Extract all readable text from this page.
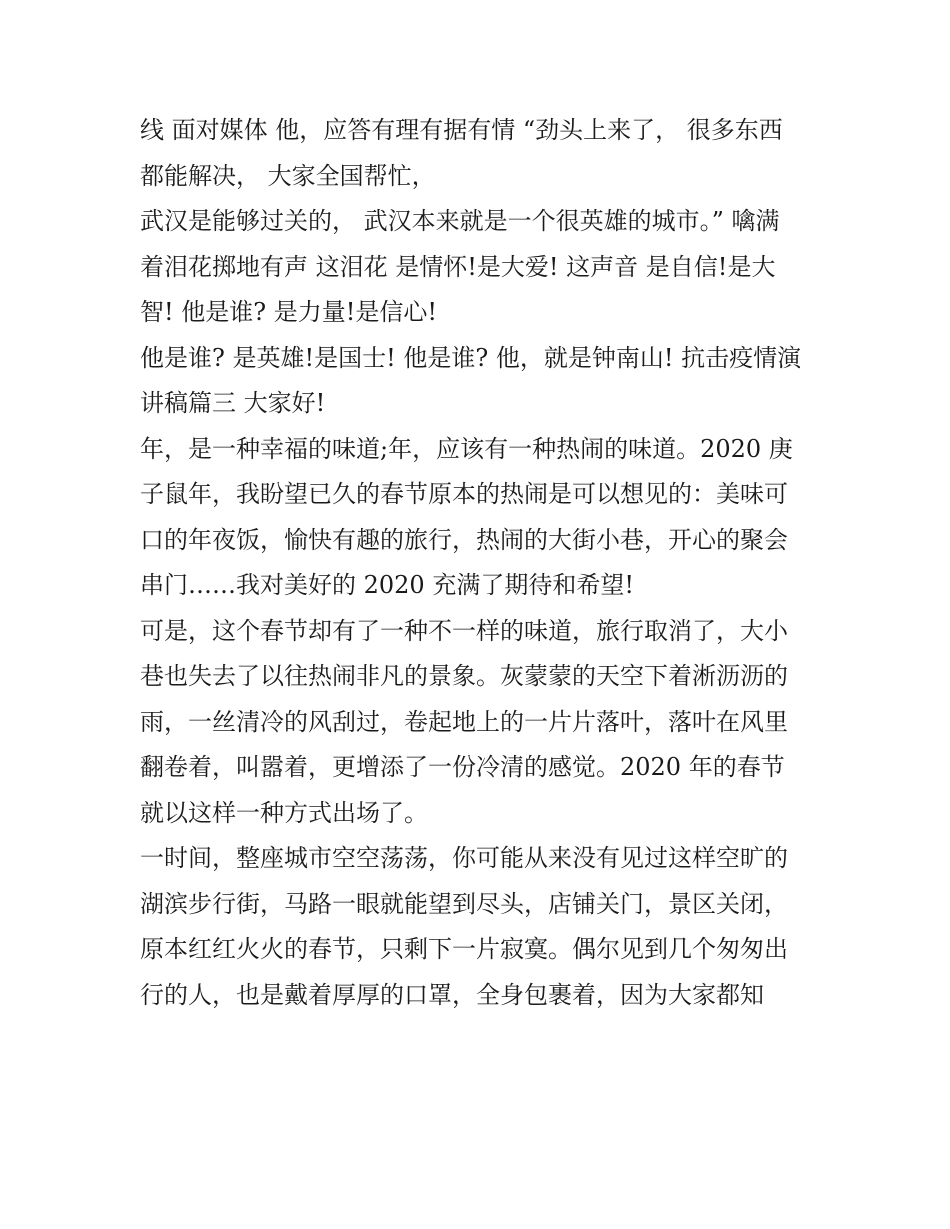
线 面对媒体 他，应答有理有据有情 “劲头上来了， 很多东西
都能解决， 大家全国帮忙，
武汉是能够过关的， 武汉本来就是一个很英雄的城市。” 噙满
着泪花掷地有声 这泪花 是情怀!是大爱! 这声音 是自信!是大
智! 他是谁? 是力量!是信心!
他是谁? 是英雄!是国士! 他是谁? 他，就是钟南山! 抗击疫情演
讲稿篇三 大家好!
年，是一种幸福的味道;年，应该有一种热闹的味道。2020 庚
子鼠年，我盼望已久的春节原本的热闹是可以想见的：美味可
口的年夜饭，愉快有趣的旅行，热闹的大街小巷，开心的聚会
串门……我对美好的 2020 充满了期待和希望!
可是，这个春节却有了一种不一样的味道，旅行取消了，大小
巷也失去了以往热闹非凡的景象。灰蒙蒙的天空下着淅沥沥的
雨，一丝清冷的风刮过，卷起地上的一片片落叶，落叶在风里
翻卷着，叫嚣着，更增添了一份冷清的感觉。2020 年的春节
就以这样一种方式出场了。
一时间，整座城市空空荡荡，你可能从来没有见过这样空旷的
湖滨步行街，马路一眼就能望到尽头，店铺关门，景区关闭，
原本红红火火的春节，只剩下一片寂寞。偶尔见到几个匆匆出
行的人，也是戴着厚厚的口罩，全身包裹着，因为大家都知
